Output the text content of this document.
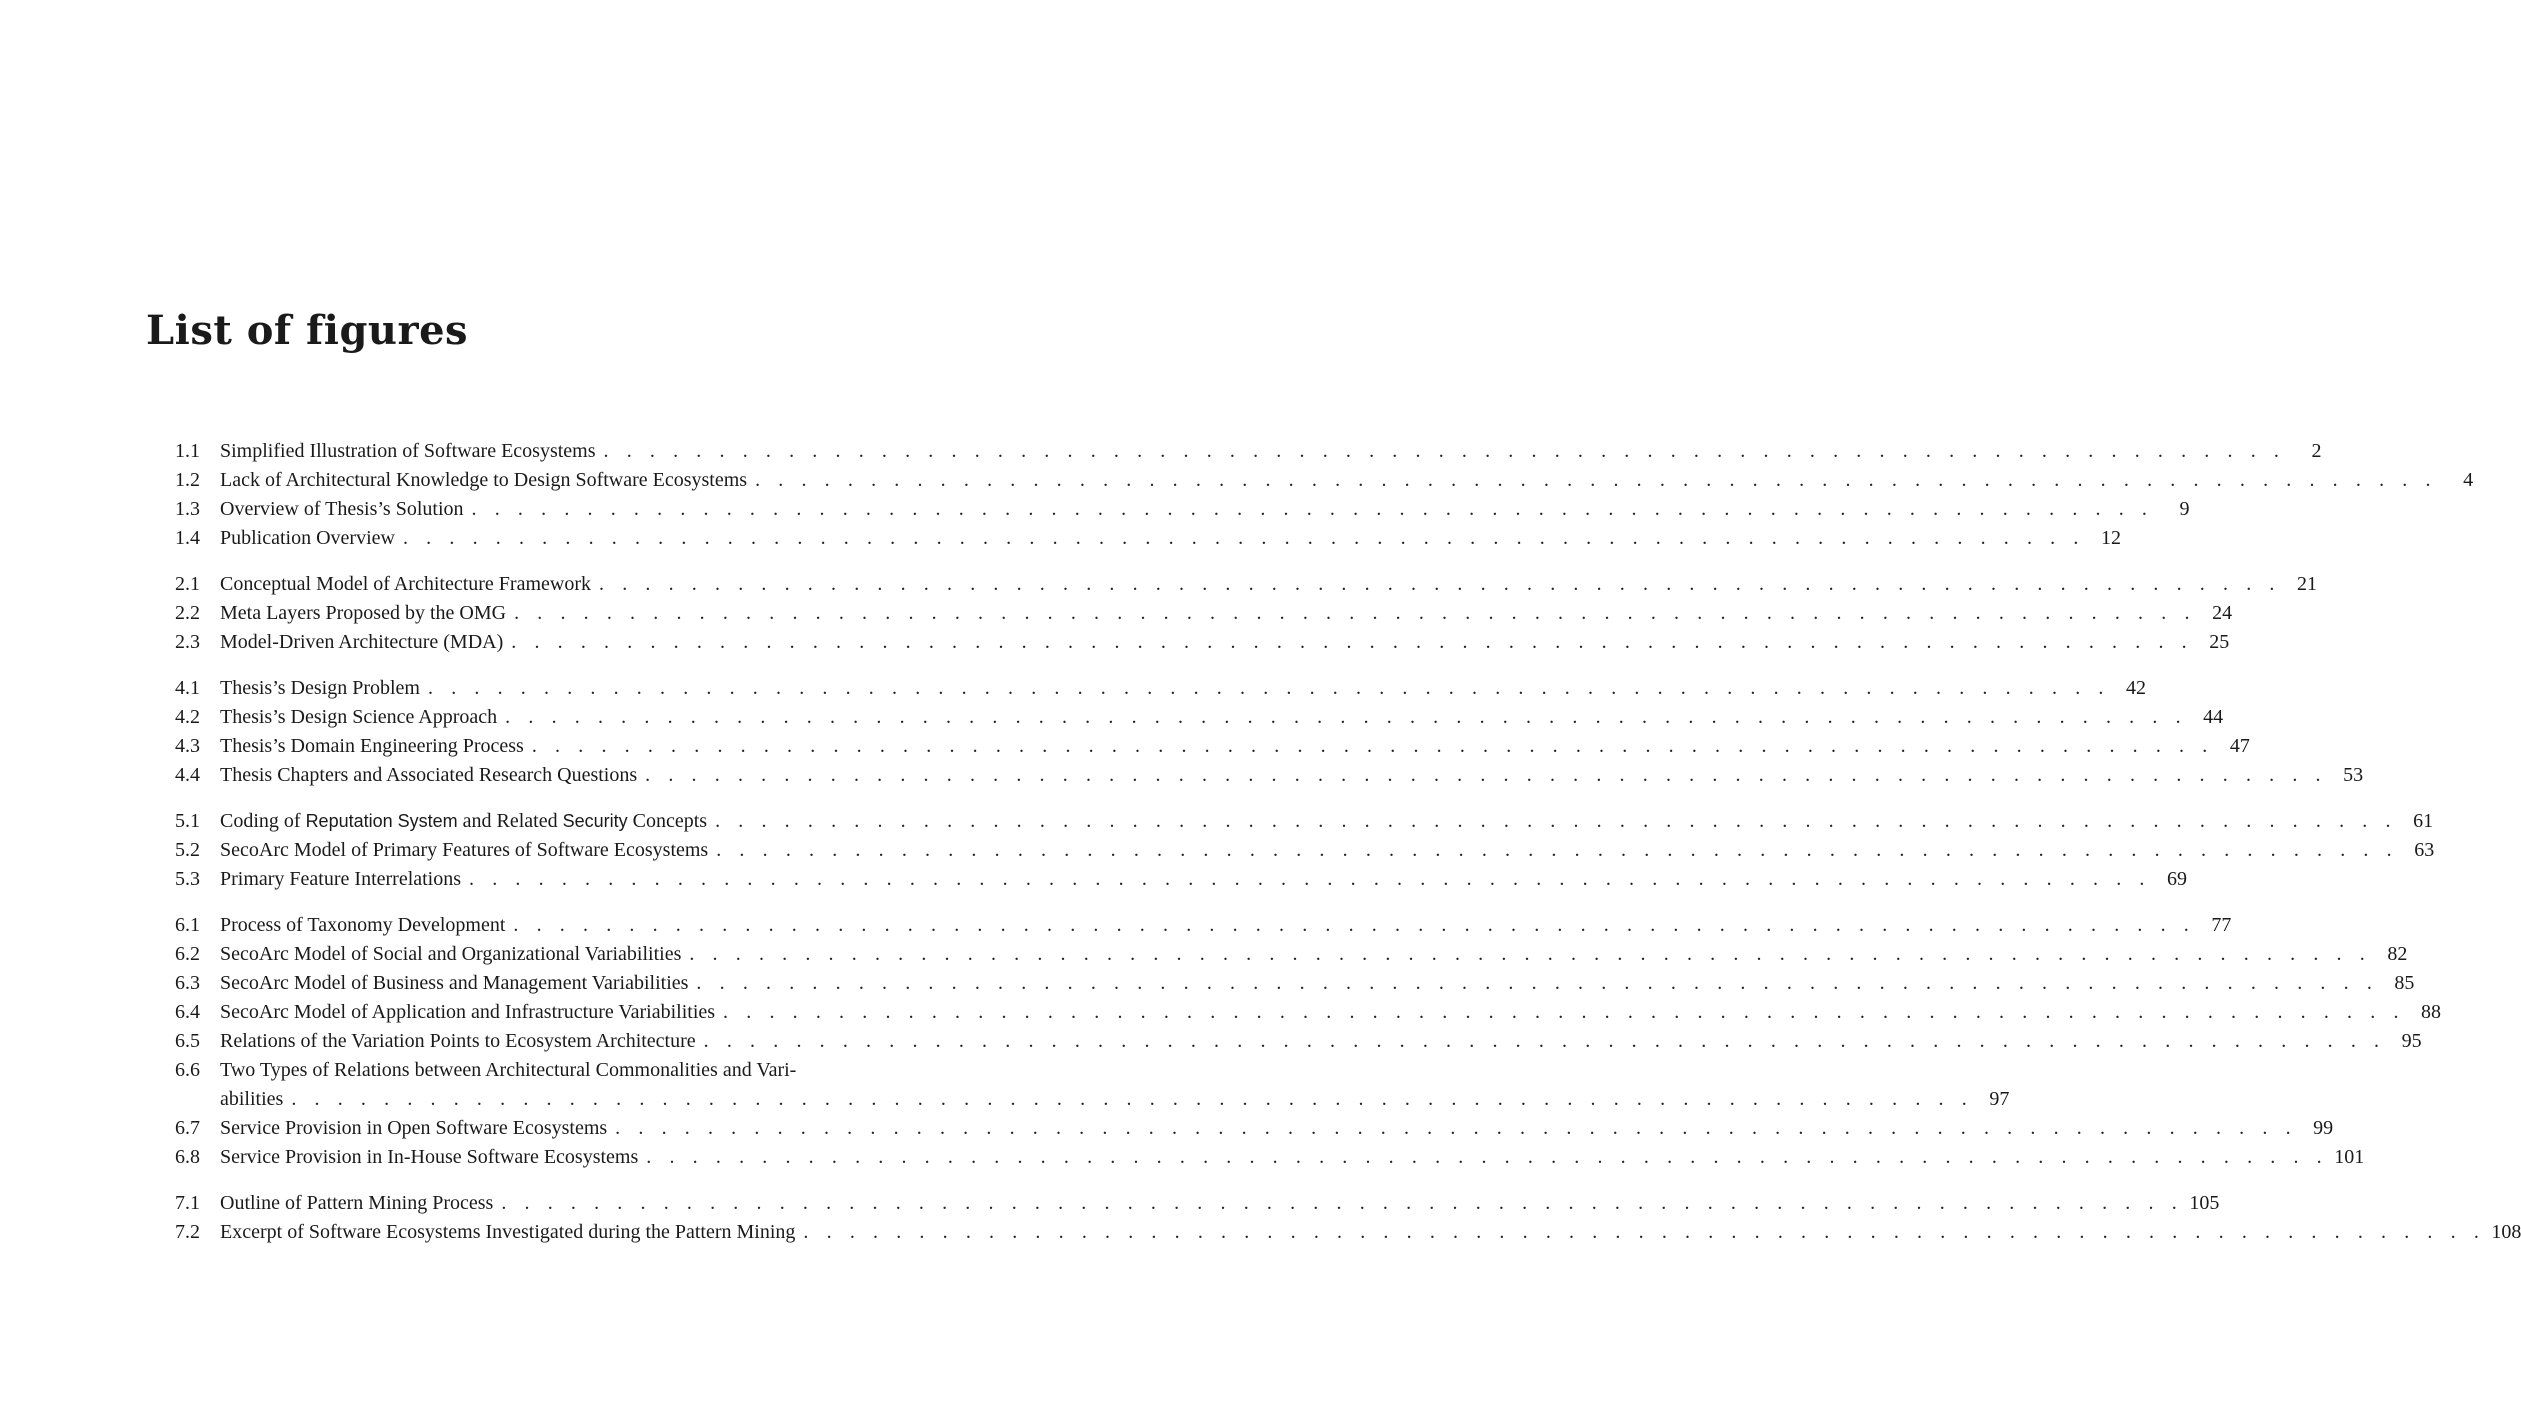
List of figures
1.1	Simplified Illustration of Software Ecosystems . . . . . . . . . . . . . . . . . . . . . . . . . . . . . . . . . . . . . . . . . . . . . . . . . . . . . . . . . . . . . . . . . . . . . . . . .	2
1.2	Lack of Architectural Knowledge to Design Software Ecosystems . . . . . . . . . . . . . . . . . . . . . . . . . . . . . . . . . . . . . . . . . . . . . . . . . . . . . . . . . . . . . . . . . . . . . . . . .	4
1.3	Overview of Thesis’s Solution . . . . . . . . . . . . . . . . . . . . . . . . . . . . . . . . . . . . . . . . . . . . . . . . . . . . . . . . . . . . . . . . . . . . . . . . .	9
1.4	Publication Overview . . . . . . . . . . . . . . . . . . . . . . . . . . . . . . . . . . . . . . . . . . . . . . . . . . . . . . . . . . . . . . . . . . . . . . . . . 12
2.1	Conceptual Model of Architecture Framework . . . . . . . . . . . . . . . . . . . . . . . . . . . . . . . . . . . . . . . . . . . . . . . . . . . . . . . . . . . . . . . . . . . . . . . . . 21
2.2	Meta Layers Proposed by the OMG . . . . . . . . . . . . . . . . . . . . . . . . . . . . . . . . . . . . . . . . . . . . . . . . . . . . . . . . . . . . . . . . . . . . . . . . . 24
2.3	Model-Driven Architecture (MDA) . . . . . . . . . . . . . . . . . . . . . . . . . . . . . . . . . . . . . . . . . . . . . . . . . . . . . . . . . . . . . . . . . . . . . . . . . 25
4.1	Thesis’s Design Problem . . . . . . . . . . . . . . . . . . . . . . . . . . . . . . . . . . . . . . . . . . . . . . . . . . . . . . . . . . . . . . . . . . . . . . . . . 42
4.2	Thesis’s Design Science Approach . . . . . . . . . . . . . . . . . . . . . . . . . . . . . . . . . . . . . . . . . . . . . . . . . . . . . . . . . . . . . . . . . . . . . . . . . 44
4.3	Thesis’s Domain Engineering Process . . . . . . . . . . . . . . . . . . . . . . . . . . . . . . . . . . . . . . . . . . . . . . . . . . . . . . . . . . . . . . . . . . . . . . . . . 47
4.4	Thesis Chapters and Associated Research Questions . . . . . . . . . . . . . . . . . . . . . . . . . . . . . . . . . . . . . . . . . . . . . . . . . . . . . . . . . . . . . . . . . . . . . . . . . 53
5.1	Coding of Reputation System and Related Security Concepts . . . . . . . . . . . . . . . . . . . . . . . . . . . . . . . . . . . . . . . . . . . . . . . . . . . . . . . . . . . . . . . . . . . . . . . . . 61
5.2	SecoArc Model of Primary Features of Software Ecosystems . . . . . . . . . . . . . . . . . . . . . . . . . . . . . . . . . . . . . . . . . . . . . . . . . . . . . . . . . . . . . . . . . . . . . . . . . 63
5.3	Primary Feature Interrelations . . . . . . . . . . . . . . . . . . . . . . . . . . . . . . . . . . . . . . . . . . . . . . . . . . . . . . . . . . . . . . . . . . . . . . . . . 69
6.1	Process of Taxonomy Development . . . . . . . . . . . . . . . . . . . . . . . . . . . . . . . . . . . . . . . . . . . . . . . . . . . . . . . . . . . . . . . . . . . . . . . . . 77
6.2	SecoArc Model of Social and Organizational Variabilities . . . . . . . . . . . . . . . . . . . . . . . . . . . . . . . . . . . . . . . . . . . . . . . . . . . . . . . . . . . . . . . . . . . . . . . . . 82
6.3	SecoArc Model of Business and Management Variabilities . . . . . . . . . . . . . . . . . . . . . . . . . . . . . . . . . . . . . . . . . . . . . . . . . . . . . . . . . . . . . . . . . . . . . . . . . 85
6.4	SecoArc Model of Application and Infrastructure Variabilities . . . . . . . . . . . . . . . . . . . . . . . . . . . . . . . . . . . . . . . . . . . . . . . . . . . . . . . . . . . . . . . . . . . . . . . . . 88
6.5	Relations of the Variation Points to Ecosystem Architecture . . . . . . . . . . . . . . . . . . . . . . . . . . . . . . . . . . . . . . . . . . . . . . . . . . . . . . . . . . . . . . . . . . . . . . . . . 95
6.6	Two Types of Relations between Architectural Commonalities and Vari-
abilities . . . . . . . . . . . . . . . . . . . . . . . . . . . . . . . . . . . . . . . . . . . . . . . . . . . . . . . . . . . . . . . . . . . . . . . . . 97
6.7	Service Provision in Open Software Ecosystems . . . . . . . . . . . . . . . . . . . . . . . . . . . . . . . . . . . . . . . . . . . . . . . . . . . . . . . . . . . . . . . . . . . . . . . . . 99
6.8	Service Provision in In-House Software Ecosystems . . . . . . . . . . . . . . . . . . . . . . . . . . . . . . . . . . . . . . . . . . . . . . . . . . . . . . . . . . . . . . . . . . . . . . . . . 101
7.1	Outline of Pattern Mining Process . . . . . . . . . . . . . . . . . . . . . . . . . . . . . . . . . . . . . . . . . . . . . . . . . . . . . . . . . . . . . . . . . . . . . . . . . 105
7.2	Excerpt of Software Ecosystems Investigated during the Pattern Mining . . . . . . . . . . . . . . . . . . . . . . . . . . . . . . . . . . . . . . . . . . . . . . . . . . . . . . . . . . . . . . . . . . . . . . . . . 108
